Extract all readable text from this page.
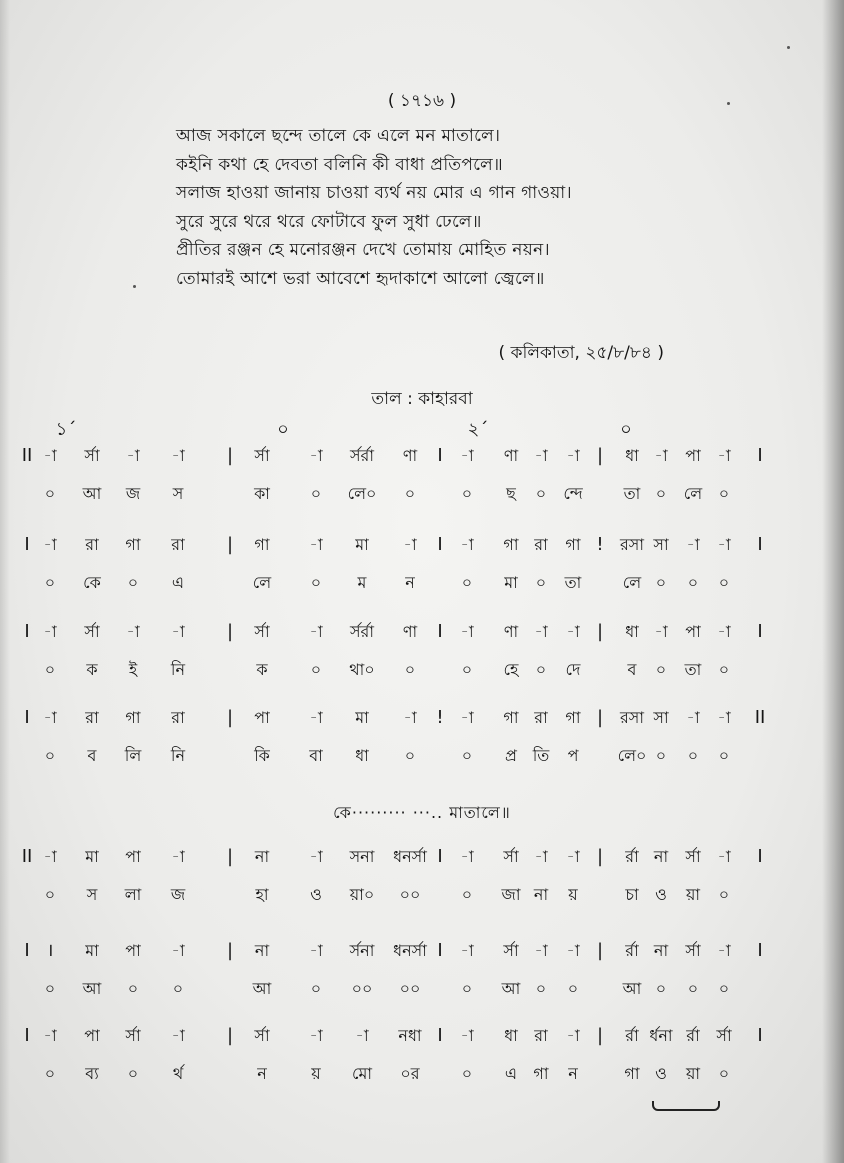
( ১৭১৬ )
আজ সকালে ছন্দে তালে কে এলে মন মাতালে।
কইনি কথা হে দেবতা বলিনি কী বাধা প্রতিপলে॥
সলাজ হাওয়া জানায় চাওয়া ব্যর্থ নয় মোর এ গান গাওয়া।
সুরে সুরে থরে থরে ফোটাবে ফুল সুধা ঢেলে॥
প্রীতির রঞ্জন হে মনোরঞ্জন দেখে তোমায় মোহিত নয়ন।
তোমারই আশে ভরা আবেশে হৃদাকাশে আলো জ্বেলে॥
( কলিকাতা, ২৫/৮/৮৪ )
তাল : কাহারবা
১´	০	২´	০
II -া র্সা -া -া | র্সা -া র্সর্রা ণা I -া ণা -া -া | ধা -া পা -া I
০ আ জ স	কা	০ লে০ ০	০ ছ ০ ন্দে	তা ০ লে ০
I -া রা গা রা | গা -া মা -া I -া গা রা গা ! রসা সা -া -া I
০ কে ০ এ	লে ০ ম ন	০ মা ০ তা	লে ০ ০ ০
I -া র্সা -া -া | র্সা -া র্সর্রা ণা I -া ণা -া -া | ধা -া পা -া I
০ ক ই নি	ক	০ থা০ ০	০ হে ০ দে	ব ০ তা ০
I -া রা গা রা | পা -া মা -া ! -া গা রা গা | রসা সা -া -া II
০ ব লি নি	কি বা ধা ০	০ প্র তি প লে০ ০ ০ ০
II -া মা পা -া | না	-া সনা ধনর্সা I -া র্সা -া -া | র্রা না র্সা -া I
০ স লা জ	হা	ও য়া০ ০০	০ জা না য়	চা ও য়া ০
I । মা পা -া | না	-া র্সনা ধনর্সা I -া র্সা -া -া | র্রা না র্সা -া I
০ আ ০ ০	আ ০ ০০ ০০	০ আ ০ ০	আ ০ ০ ০
I -া পা র্সা -া | র্সা -া -া নধা I -া ধা রা -া | র্রা র্ধনা র্রা র্সা I
০ ব্য ০ র্থ	ন	য় মো ০র	০ এ গা ন	গা ও য়া ০
কে········· ···.. মাতালে॥
